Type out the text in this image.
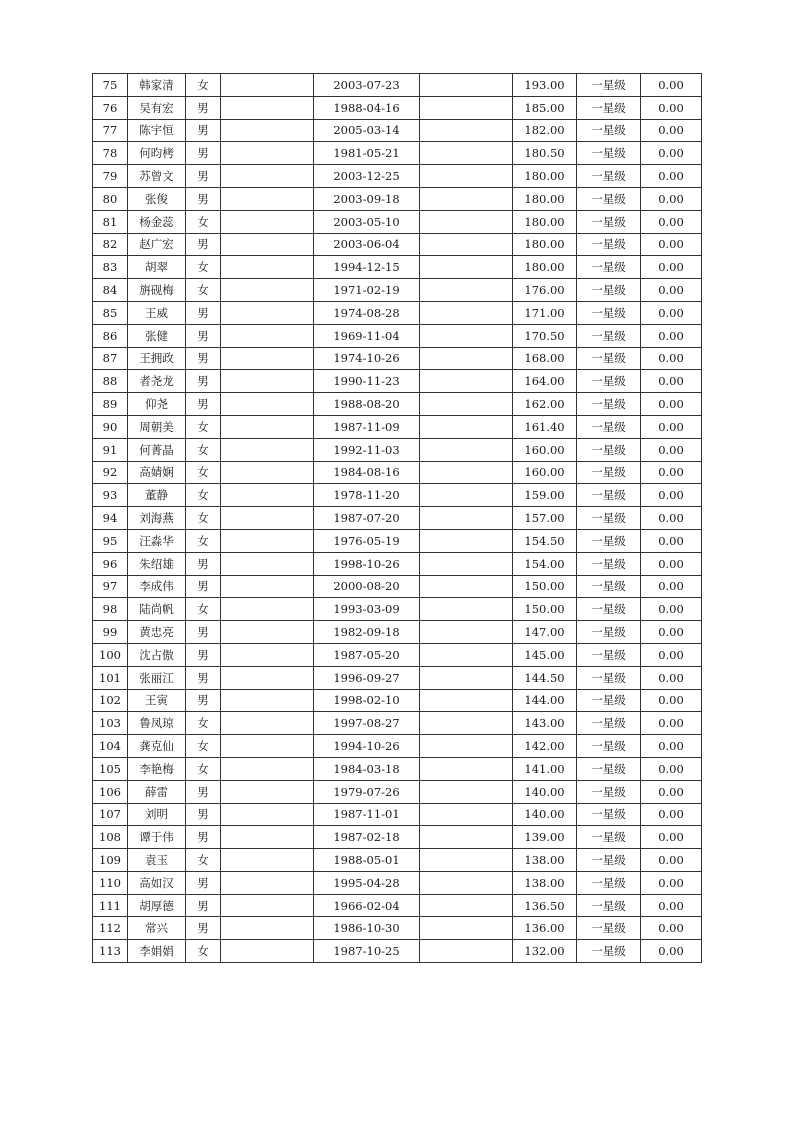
75	韩家清	女		2003-07-23		193.00	一星级	0.00
76	吴有宏	男		1988-04-16		185.00	一星级	0.00
77	陈宇恒	男		2005-03-14		182.00	一星级	0.00
78	何昀栲	男		1981-05-21		180.50	一星级	0.00
79	苏曾文	男		2003-12-25		180.00	一星级	0.00
80	张俊	男		2003-09-18		180.00	一星级	0.00
81	杨金蕊	女		2003-05-10		180.00	一星级	0.00
82	赵广宏	男		2003-06-04		180.00	一星级	0.00
83	胡翠	女		1994-12-15		180.00	一星级	0.00
84	旃砚梅	女		1971-02-19		176.00	一星级	0.00
85	王威	男		1974-08-28		171.00	一星级	0.00
86	张健	男		1969-11-04		170.50	一星级	0.00
87	王拥政	男		1974-10-26		168.00	一星级	0.00
88	者尧龙	男		1990-11-23		164.00	一星级	0.00
89	仰尧	男		1988-08-20		162.00	一星级	0.00
90	周朝美	女		1987-11-09		161.40	一星级	0.00
91	何菁晶	女		1992-11-03		160.00	一星级	0.00
92	高婧娴	女		1984-08-16		160.00	一星级	0.00
93	董静	女		1978-11-20		159.00	一星级	0.00
94	刘海燕	女		1987-07-20		157.00	一星级	0.00
95	汪淼华	女		1976-05-19		154.50	一星级	0.00
96	朱绍雄	男		1998-10-26		154.00	一星级	0.00
97	李成伟	男		2000-08-20		150.00	一星级	0.00
98	陆尚帆	女		1993-03-09		150.00	一星级	0.00
99	黄忠亮	男		1982-09-18		147.00	一星级	0.00
100	沈占傲	男		1987-05-20		145.00	一星级	0.00
101	张丽江	男		1996-09-27		144.50	一星级	0.00
102	王寅	男		1998-02-10		144.00	一星级	0.00
103	鲁凤琼	女		1997-08-27		143.00	一星级	0.00
104	龚克仙	女		1994-10-26		142.00	一星级	0.00
105	李艳梅	女		1984-03-18		141.00	一星级	0.00
106	薛雷	男		1979-07-26		140.00	一星级	0.00
107	刘明	男		1987-11-01		140.00	一星级	0.00
108	谭于伟	男		1987-02-18		139.00	一星级	0.00
109	袁玉	女		1988-05-01		138.00	一星级	0.00
110	高如汉	男		1995-04-28		138.00	一星级	0.00
111	胡厚德	男		1966-02-04		136.50	一星级	0.00
112	常兴	男		1986-10-30		136.00	一星级	0.00
113	李娟娟	女		1987-10-25		132.00	一星级	0.00
